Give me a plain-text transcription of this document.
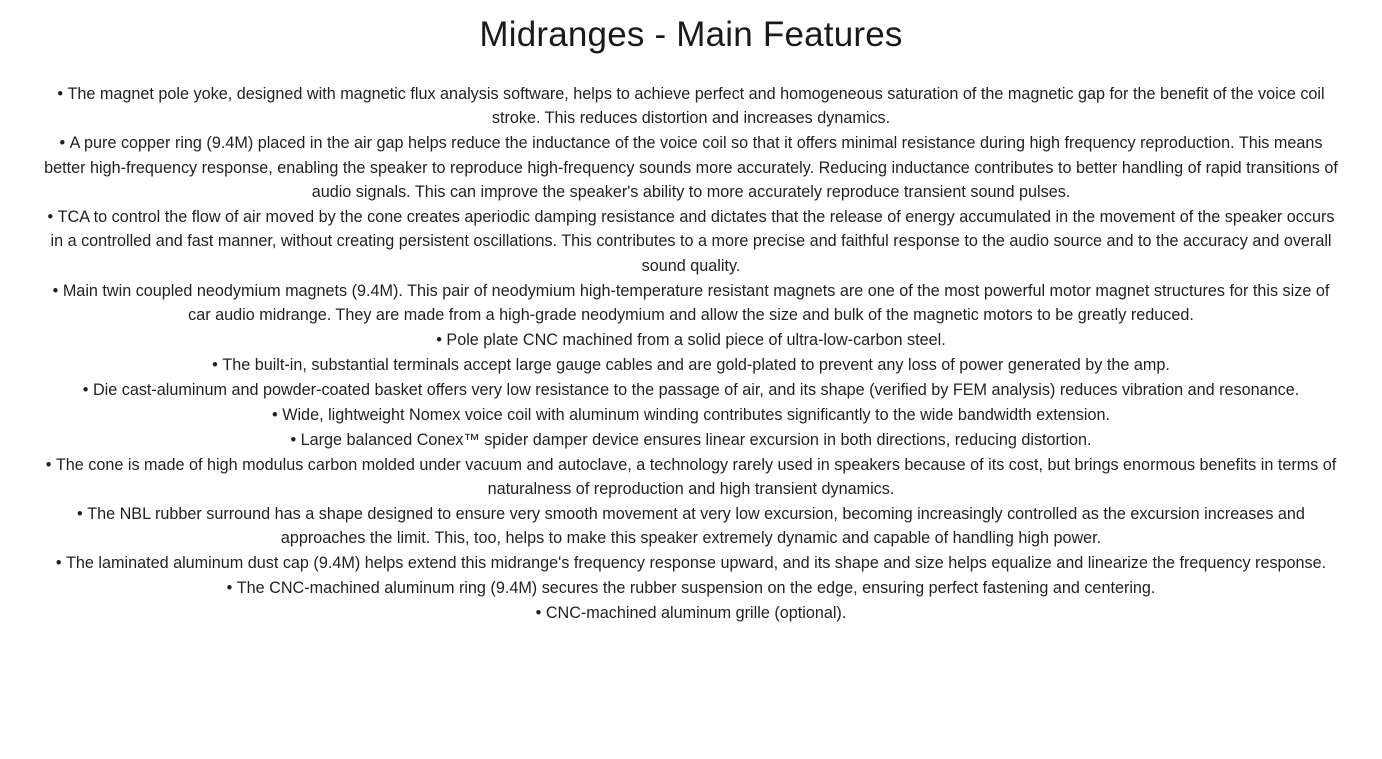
Midranges - Main Features
• The magnet pole yoke, designed with magnetic flux analysis software, helps to achieve perfect and homogeneous saturation of the magnetic gap for the benefit of the voice coil stroke. This reduces distortion and increases dynamics.
• A pure copper ring (9.4M) placed in the air gap helps reduce the inductance of the voice coil so that it offers minimal resistance during high frequency reproduction. This means better high-frequency response, enabling the speaker to reproduce high-frequency sounds more accurately. Reducing inductance contributes to better handling of rapid transitions of audio signals. This can improve the speaker's ability to more accurately reproduce transient sound pulses.
• TCA to control the flow of air moved by the cone creates aperiodic damping resistance and dictates that the release of energy accumulated in the movement of the speaker occurs in a controlled and fast manner, without creating persistent oscillations. This contributes to a more precise and faithful response to the audio source and to the accuracy and overall sound quality.
• Main twin coupled neodymium magnets (9.4M). This pair of neodymium high-temperature resistant magnets are one of the most powerful motor magnet structures for this size of car audio midrange. They are made from a high-grade neodymium and allow the size and bulk of the magnetic motors to be greatly reduced.
• Pole plate CNC machined from a solid piece of ultra-low-carbon steel.
• The built-in, substantial terminals accept large gauge cables and are gold-plated to prevent any loss of power generated by the amp.
• Die cast-aluminum and powder-coated basket offers very low resistance to the passage of air, and its shape (verified by FEM analysis) reduces vibration and resonance.
• Wide, lightweight Nomex voice coil with aluminum winding contributes significantly to the wide bandwidth extension.
• Large balanced Conex™ spider damper device ensures linear excursion in both directions, reducing distortion.
• The cone is made of high modulus carbon molded under vacuum and autoclave, a technology rarely used in speakers because of its cost, but brings enormous benefits in terms of naturalness of reproduction and high transient dynamics.
• The NBL rubber surround has a shape designed to ensure very smooth movement at very low excursion, becoming increasingly controlled as the excursion increases and approaches the limit. This, too, helps to make this speaker extremely dynamic and capable of handling high power.
• The laminated aluminum dust cap (9.4M) helps extend this midrange's frequency response upward, and its shape and size helps equalize and linearize the frequency response.
• The CNC-machined aluminum ring (9.4M) secures the rubber suspension on the edge, ensuring perfect fastening and centering.
• CNC-machined aluminum grille (optional).
